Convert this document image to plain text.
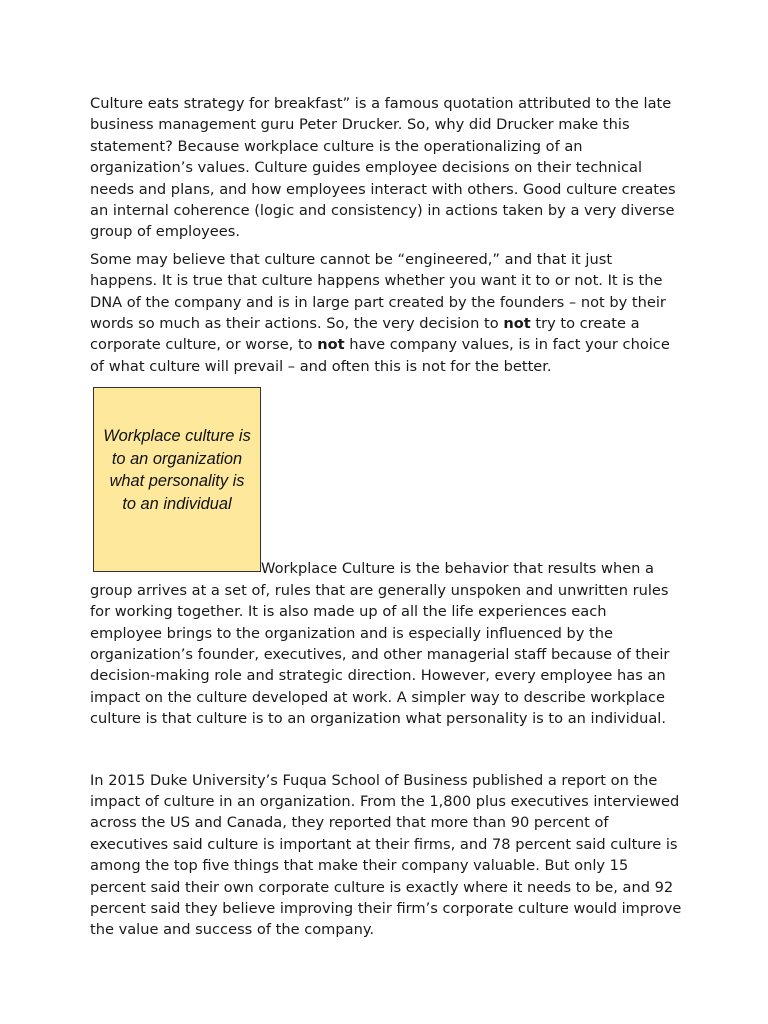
Culture eats strategy for breakfast” is a famous quotation attributed to the late business management guru Peter Drucker. So, why did Drucker make this statement? Because workplace culture is the operationalizing of an organization’s values. Culture guides employee decisions on their technical needs and plans, and how employees interact with others. Good culture creates an internal coherence (logic and consistency) in actions taken by a very diverse group of employees.

Some may believe that culture cannot be “engineered,” and that it just happens. It is true that culture happens whether you want it to or not. It is the DNA of the company and is in large part created by the founders – not by their words so much as their actions. So, the very decision to not try to create a corporate culture, or worse, to not have company values, is in fact your choice of what culture will prevail – and often this is not for the better.

Workplace culture is to an organization what personality is to an individual

Workplace Culture is the behavior that results when a group arrives at a set of, rules that are generally unspoken and unwritten rules for working together. It is also made up of all the life experiences each employee brings to the organization and is especially influenced by the organization’s founder, executives, and other managerial staff because of their decision-making role and strategic direction. However, every employee has an impact on the culture developed at work. A simpler way to describe workplace culture is that culture is to an organization what personality is to an individual.

In 2015 Duke University’s Fuqua School of Business published a report on the impact of culture in an organization. From the 1,800 plus executives interviewed across the US and Canada, they reported that more than 90 percent of executives said culture is important at their firms, and 78 percent said culture is among the top five things that make their company valuable. But only 15 percent said their own corporate culture is exactly where it needs to be, and 92 percent said they believe improving their firm’s corporate culture would improve the value and success of the company.
